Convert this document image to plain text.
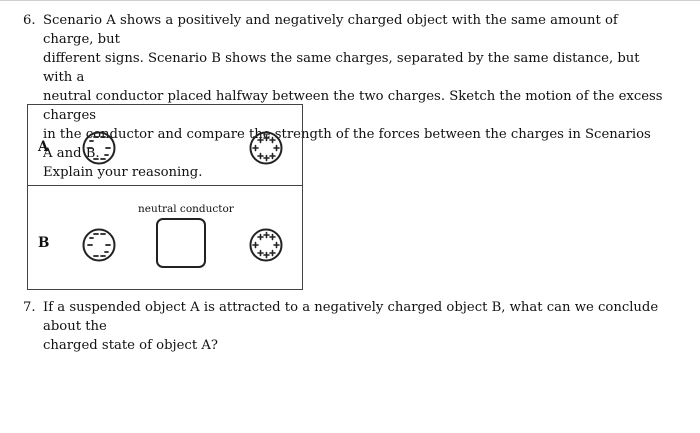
6. Scenario A shows a positively and negatively charged object with the same amount of charge, but
different signs. Scenario B shows the same charges, separated by the same distance, but with a
neutral conductor placed halfway between the two charges. Sketch the motion of the excess charges
in the conductor and compare the strength of the forces between the charges in Scenarios A and B.
Explain your reasoning.
A
B
neutral conductor
7. If a suspended object A is attracted to a negatively charged object B, what can we conclude about the
charged state of object A?
